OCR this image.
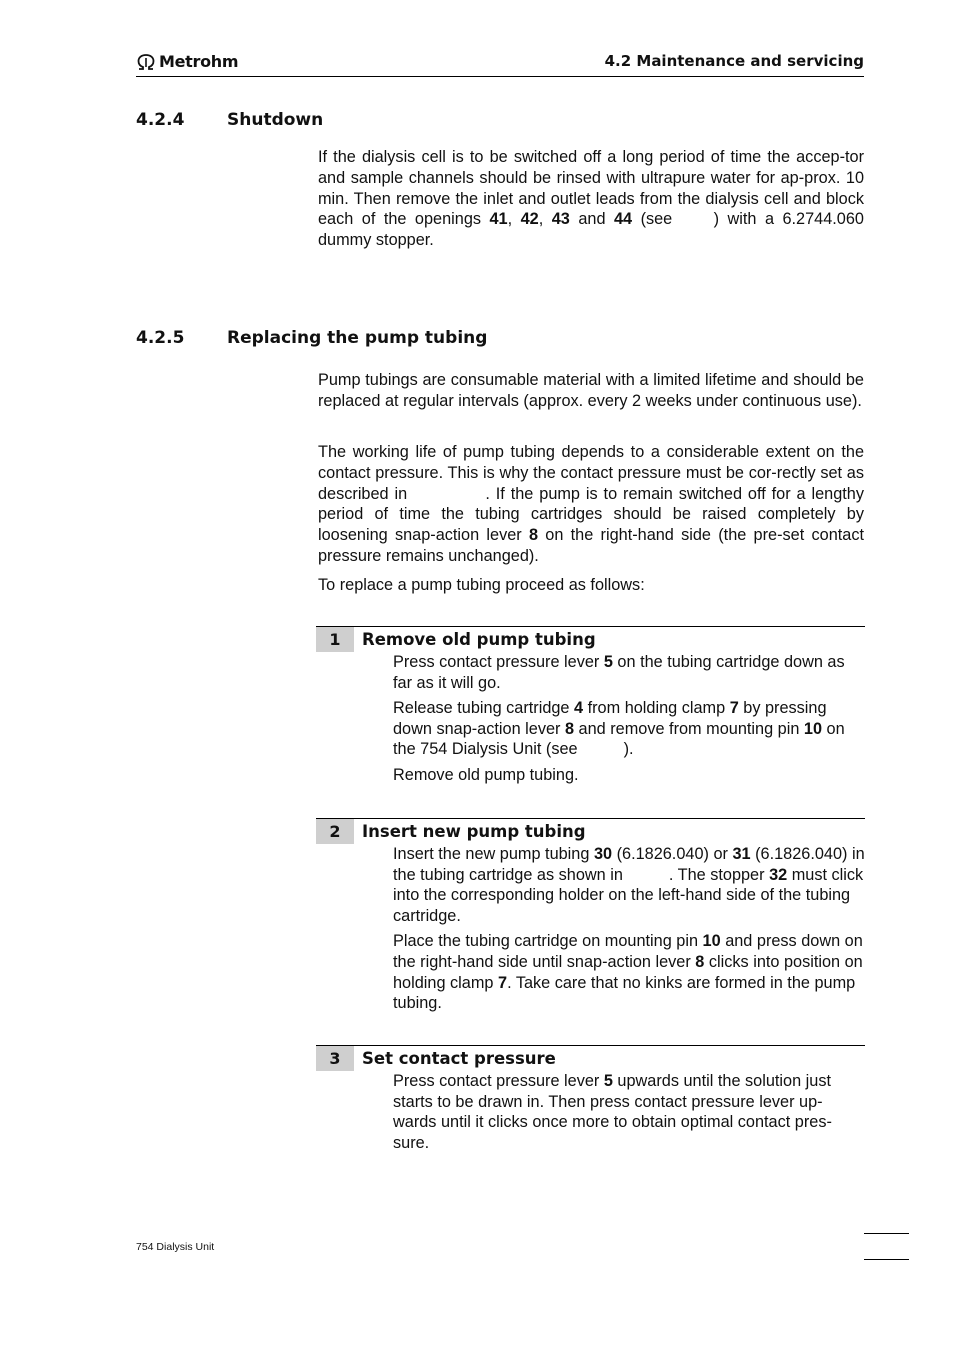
Metrohm	4.2 Maintenance and servicing
4.2.4	Shutdown

If the dialysis cell is to be switched off a long period of time the accep-tor and sample channels should be rinsed with ultrapure water for ap-prox. 10 min. Then remove the inlet and outlet leads from the dialysis cell and block each of the openings 41, 42, 43 and 44 (see	) with a 6.2744.060 dummy stopper.

4.2.5	Replacing the pump tubing

Pump tubings are consumable material with a limited lifetime and should be replaced at regular intervals (approx. every 2 weeks under continuous use).

The working life of pump tubing depends to a considerable extent on the contact pressure. This is why the contact pressure must be cor-rectly set as described in	. If the pump is to remain switched off for a lengthy period of time the tubing cartridges should be raised completely by loosening snap-action lever 8 on the right-hand side (the pre-set contact pressure remains unchanged).

To replace a pump tubing proceed as follows:

1	Remove old pump tubing

Press contact pressure lever 5 on the tubing cartridge down as far as it will go.

Release tubing cartridge 4 from holding clamp 7 by pressing down snap-action lever 8 and remove from mounting pin 10 on the 754 Dialysis Unit (see	).

Remove old pump tubing.

2	Insert new pump tubing

Insert the new pump tubing 30 (6.1826.040) or 31 (6.1826.040) in the tubing cartridge as shown in	. The stopper 32 must click into the corresponding holder on the left-hand side of the tubing cartridge.

Place the tubing cartridge on mounting pin 10 and press down on the right-hand side until snap-action lever 8 clicks into position on holding clamp 7. Take care that no kinks are formed in the pump tubing.

3	Set contact pressure

Press contact pressure lever 5 upwards until the solution just starts to be drawn in. Then press contact pressure lever up-wards until it clicks once more to obtain optimal contact pres-sure.

754 Dialysis Unit
